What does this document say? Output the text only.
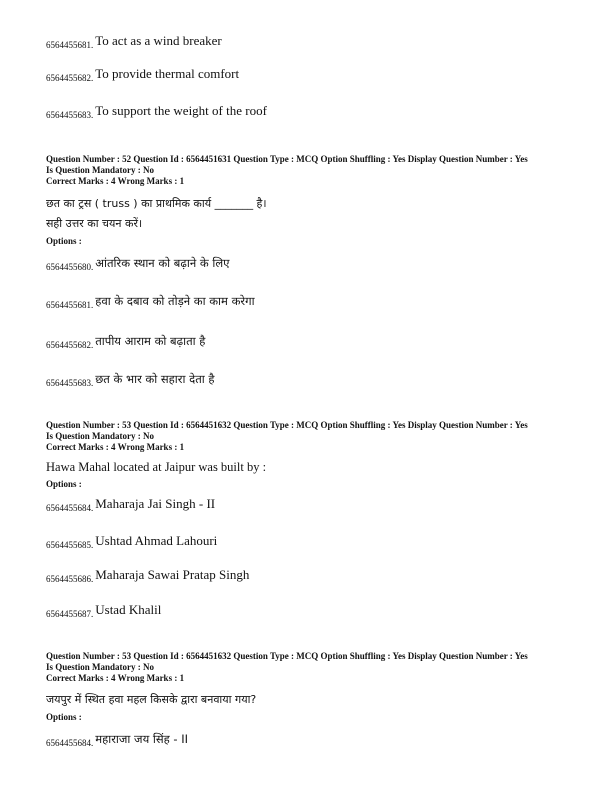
6564455681. To act as a wind breaker
6564455682. To provide thermal comfort
6564455683. To support the weight of the roof
Question Number : 52 Question Id : 6564451631 Question Type : MCQ Option Shuffling : Yes Display Question Number : Yes
Is Question Mandatory : No
Correct Marks : 4 Wrong Marks : 1
छत का ट्रस ( truss ) का प्राथमिक कार्य _______ है।
सही उत्तर का चयन करें।
Options :
6564455680. आंतरिक स्थान को बढ़ाने के लिए
6564455681. हवा के दबाव को तोड़ने का काम करेगा
6564455682. तापीय आराम को बढ़ाता है
6564455683. छत के भार को सहारा देता है
Question Number : 53 Question Id : 6564451632 Question Type : MCQ Option Shuffling : Yes Display Question Number : Yes
Is Question Mandatory : No
Correct Marks : 4 Wrong Marks : 1
Hawa Mahal located at Jaipur was built by :
Options :
6564455684. Maharaja Jai Singh - II
6564455685. Ushtad Ahmad Lahouri
6564455686. Maharaja Sawai Pratap Singh
6564455687. Ustad Khalil
Question Number : 53 Question Id : 6564451632 Question Type : MCQ Option Shuffling : Yes Display Question Number : Yes
Is Question Mandatory : No
Correct Marks : 4 Wrong Marks : 1
जयपुर में स्थित हवा महल किसके द्वारा बनवाया गया?
Options :
6564455684. महाराजा जय सिंह - II
